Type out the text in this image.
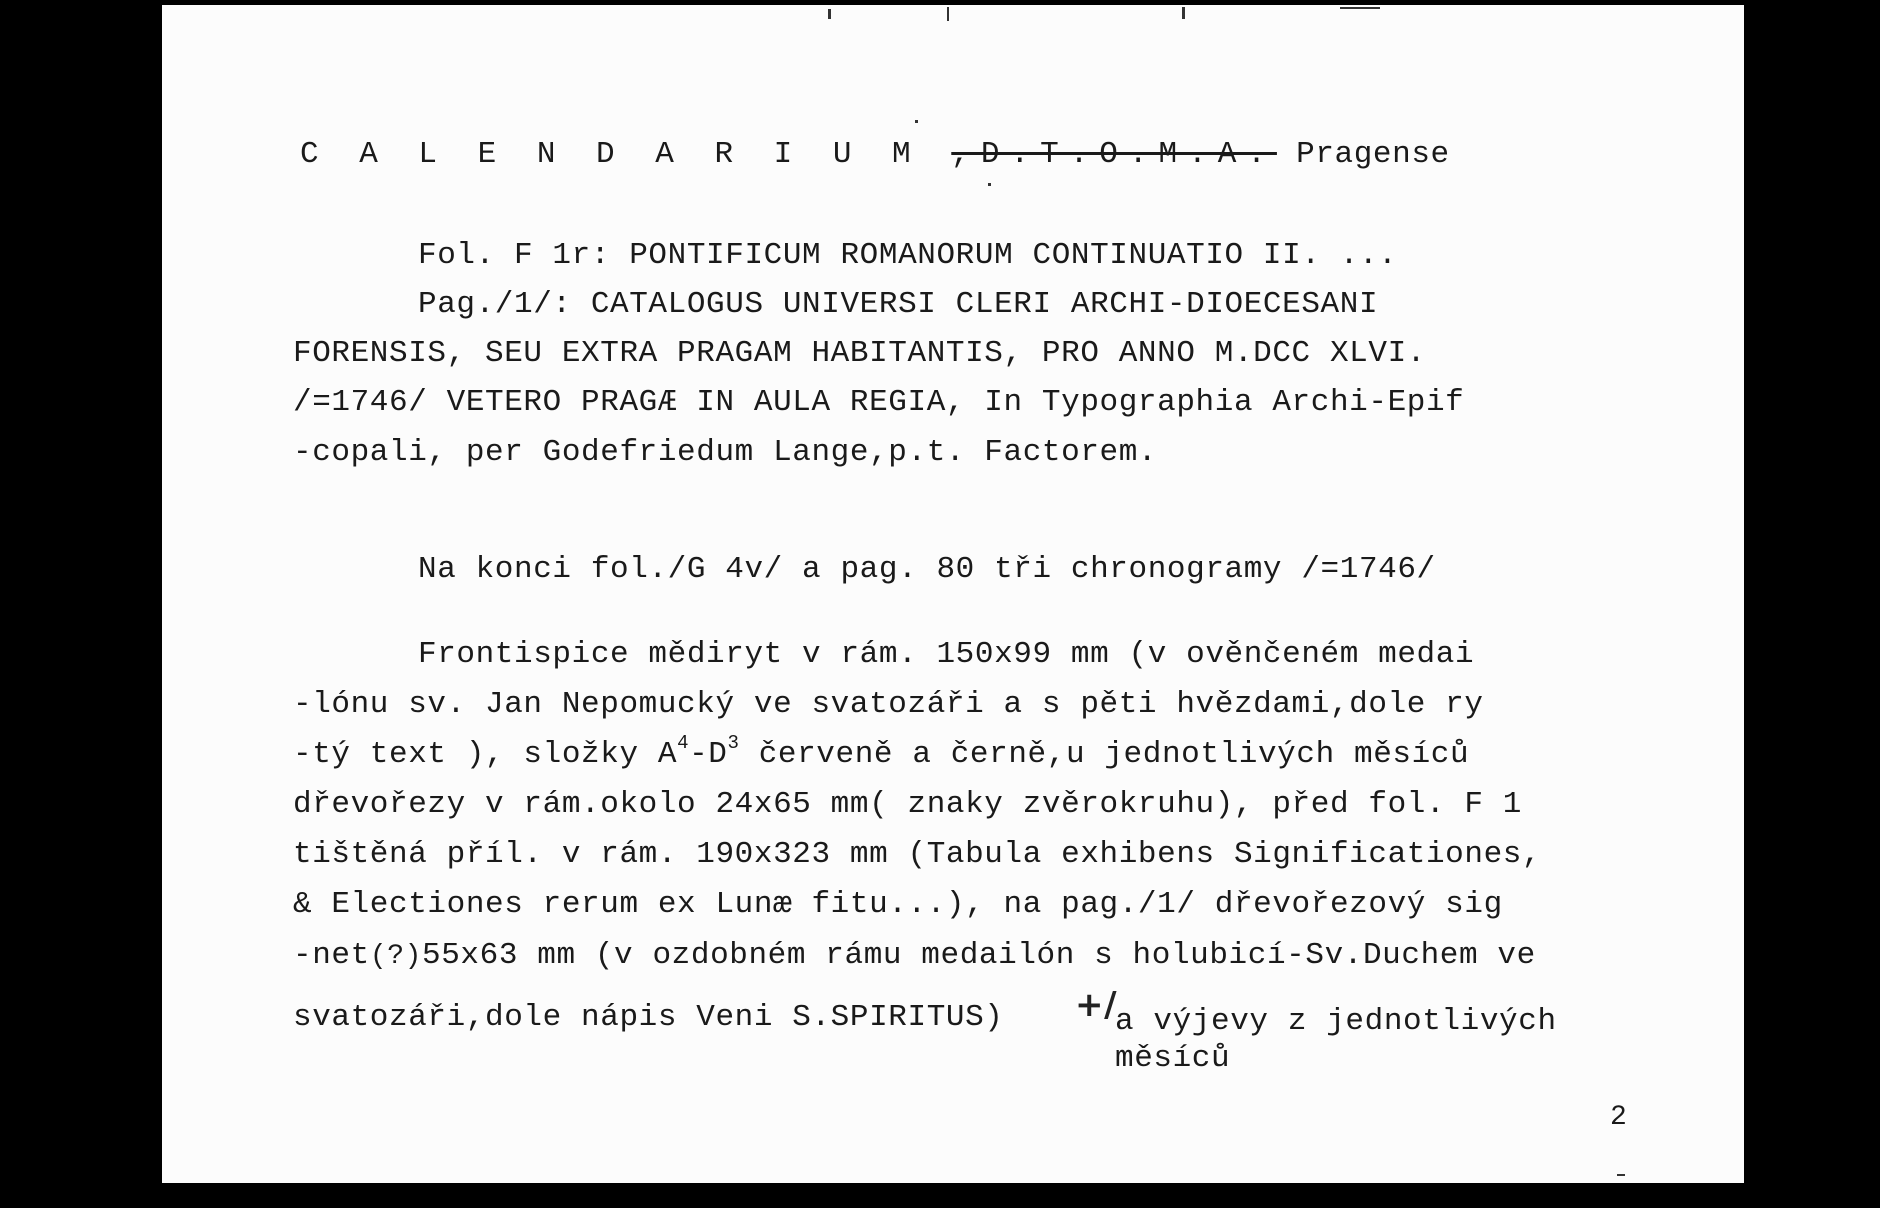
C A L E N D A R I U M ,D.T.O.M.A. Pragense
Fol. F 1r: PONTIFICUM ROMANORUM CONTINUATIO II. ...
Pag./1/: CATALOGUS UNIVERSI CLERI ARCHI-DIOECESANI
FORENSIS, SEU EXTRA PRAGAM HABITANTIS, PRO ANNO M.DCC XLVI.
/=1746/ VETERO PRAGÆ IN AULA REGIA, In Typographia Archi-Epif
-copali, per Godefriedum Lange,p.t. Factorem.
Na konci fol./G 4v/ a pag. 80 tři chronogramy /=1746/
Frontispice mědiryt v rám. 150x99 mm (v ověnčeném medai
-lónu sv. Jan Nepomucký ve svatozáři a s pěti hvězdami,dole ry
-tý text ), složky $A^4-D^3$ červeně a černě,u jednotlivých měsíců
dřevořezy v rám.okolo 24x65 mm( znaky zvěrokruhu), před fol. F 1
tištěná příl. v rám. 190x323 mm (Tabula exhibens Significationes,
& Electiones rerum ex Lunæ fitu...), na pag./1/ dřevořezový sig
-net(?)55x63 mm (v ozdobném rámu medailón s holubicí-Sv.Duchem ve
svatozáři,dole nápis Veni S.SPIRITUS) +/
a výjevy z jednotlivých
měsíců
2
